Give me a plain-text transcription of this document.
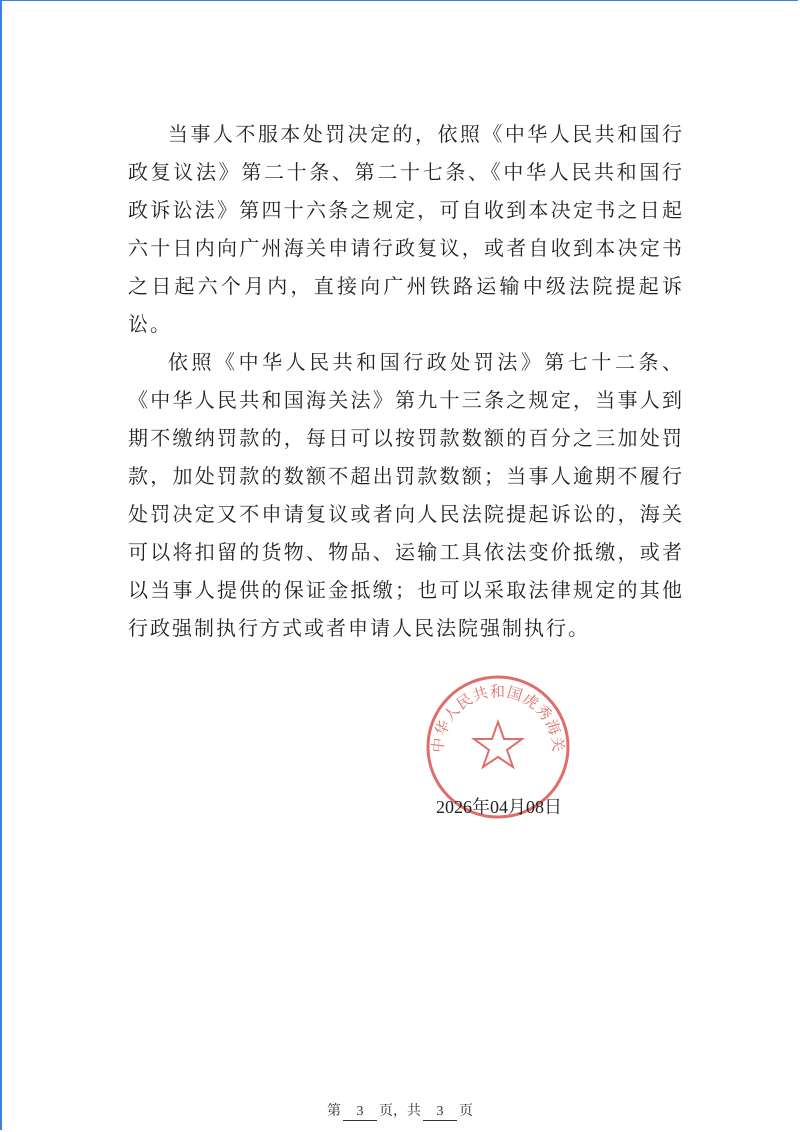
当事人不服本处罚决定的，依照《中华人民共和国行政复议法》第二十条、第二十七条、《中华人民共和国行政诉讼法》第四十六条之规定，可自收到本决定书之日起六十日内向广州海关申请行政复议，或者自收到本决定书之日起六个月内，直接向广州铁路运输中级法院提起诉讼。

依照《中华人民共和国行政处罚法》第七十二条、《中华人民共和国海关法》第九十三条之规定，当事人到期不缴纳罚款的，每日可以按罚款数额的百分之三加处罚款，加处罚款的数额不超出罚款数额；当事人逾期不履行处罚决定又不申请复议或者向人民法院提起诉讼的，海关可以将扣留的货物、物品、运输工具依法变价抵缴，或者以当事人提供的保证金抵缴；也可以采取法律规定的其他行政强制执行方式或者申请人民法院强制执行。

中华人民共和国虎秀海关
2026年04月08日
第 3 页，共 3 页
